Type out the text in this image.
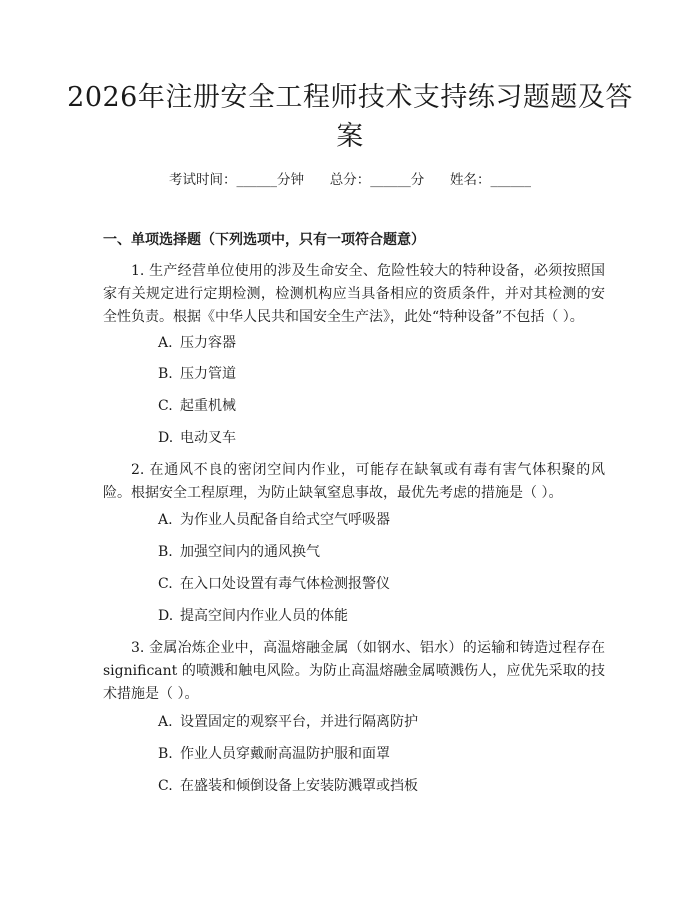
2026年注册安全工程师技术支持练习题题及答案
考试时间：______分钟 总分：______分 姓名：______
一、单项选择题（下列选项中，只有一项符合题意）

1. 生产经营单位使用的涉及生命安全、危险性较大的特种设备，必须按照国家有关规定进行定期检测，检测机构应当具备相应的资质条件，并对其检测的安全性负责。根据《中华人民共和国安全生产法》，此处“特种设备”不包括（ ）。

A. 压力容器
B. 压力管道
C. 起重机械
D. 电动叉车

2. 在通风不良的密闭空间内作业，可能存在缺氧或有毒有害气体积聚的风险。根据安全工程原理，为防止缺氧窒息事故，最优先考虑的措施是（ ）。

A. 为作业人员配备自给式空气呼吸器
B. 加强空间内的通风换气
C. 在入口处设置有毒气体检测报警仪
D. 提高空间内作业人员的体能

3. 金属冶炼企业中，高温熔融金属（如钢水、铝水）的运输和铸造过程存在significant 的喷溅和触电风险。为防止高温熔融金属喷溅伤人，应优先采取的技术措施是（ ）。

A. 设置固定的观察平台，并进行隔离防护
B. 作业人员穿戴耐高温防护服和面罩
C. 在盛装和倾倒设备上安装防溅罩或挡板
